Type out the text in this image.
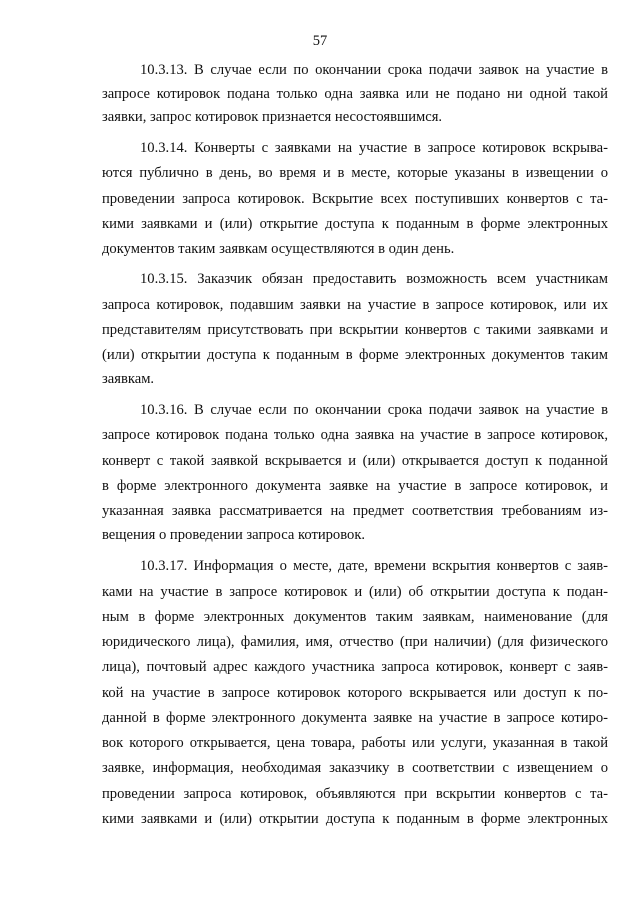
57
10.3.13. В случае если по окончании срока подачи заявок на участие в
запросе котировок подана только одна заявка или не подано ни одной такой
заявки, запрос котировок признается несостоявшимся.
10.3.14. Конверты с заявками на участие в запросе котировок вскрыва-
ются публично в день, во время и в месте, которые указаны в извещении о
проведении запроса котировок. Вскрытие всех поступивших конвертов с та-
кими заявками и (или) открытие доступа к поданным в форме электронных
документов таким заявкам осуществляются в один день.
10.3.15. Заказчик обязан предоставить возможность всем участникам
запроса котировок, подавшим заявки на участие в запросе котировок, или их
представителям присутствовать при вскрытии конвертов с такими заявками и
(или) открытии доступа к поданным в форме электронных документов таким
заявкам.
10.3.16. В случае если по окончании срока подачи заявок на участие в
запросе котировок подана только одна заявка на участие в запросе котировок,
конверт с такой заявкой вскрывается и (или) открывается доступ к поданной
в форме электронного документа заявке на участие в запросе котировок, и
указанная заявка рассматривается на предмет соответствия требованиям из-
вещения о проведении запроса котировок.
10.3.17. Информация о месте, дате, времени вскрытия конвертов с заяв-
ками на участие в запросе котировок и (или) об открытии доступа к подан-
ным в форме электронных документов таким заявкам, наименование (для
юридического лица), фамилия, имя, отчество (при наличии) (для физического
лица), почтовый адрес каждого участника запроса котировок, конверт с заяв-
кой на участие в запросе котировок которого вскрывается или доступ к по-
данной в форме электронного документа заявке на участие в запросе котиро-
вок которого открывается, цена товара, работы или услуги, указанная в такой
заявке, информация, необходимая заказчику в соответствии с извещением о
проведении запроса котировок, объявляются при вскрытии конвертов с та-
кими заявками и (или) открытии доступа к поданным в форме электронных
